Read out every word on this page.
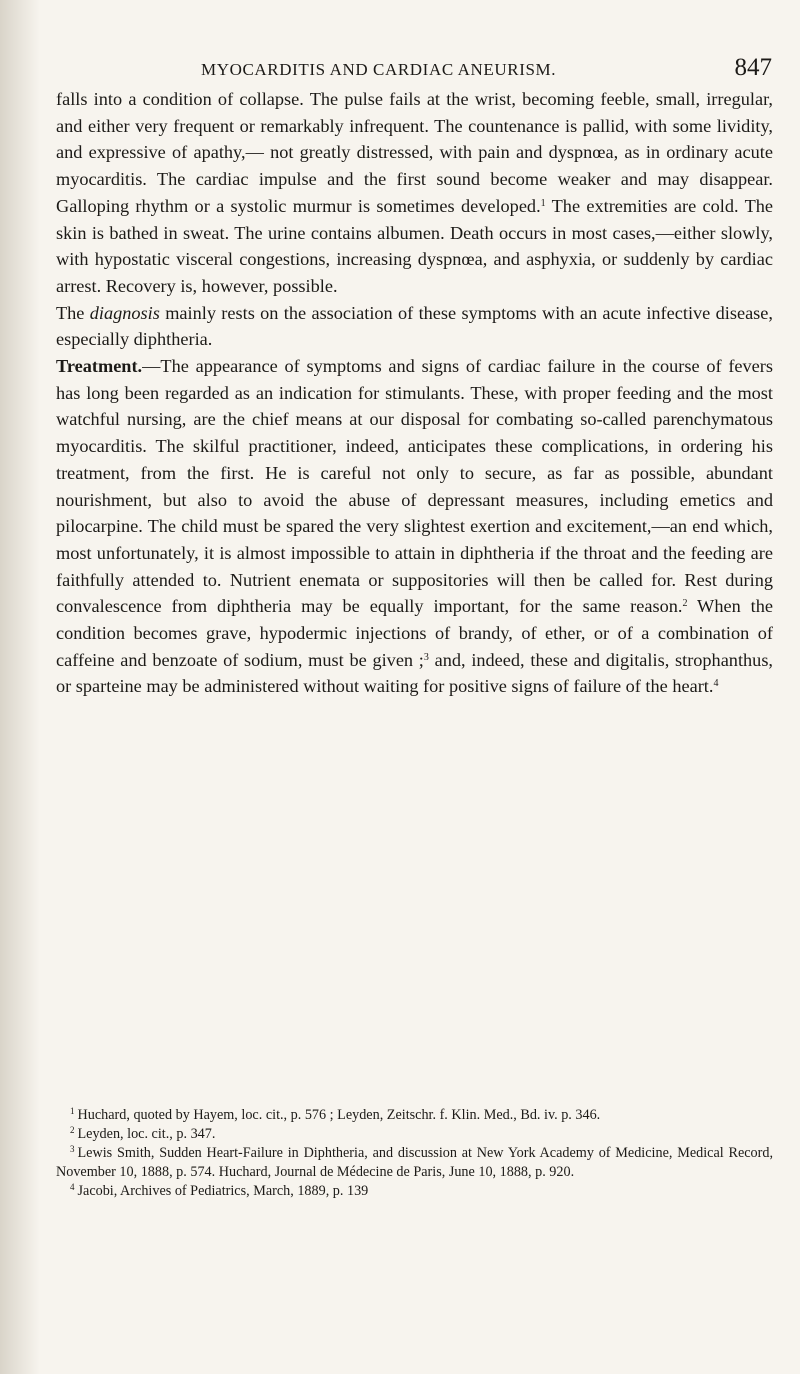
MYOCARDITIS AND CARDIAC ANEURISM.	847

falls into a condition of collapse. The pulse fails at the wrist, becoming feeble, small, irregular, and either very frequent or remarkably infrequent. The countenance is pallid, with some lividity, and expressive of apathy,— not greatly distressed, with pain and dyspnœa, as in ordinary acute myocarditis. The cardiac impulse and the first sound become weaker and may disappear. Galloping rhythm or a systolic murmur is sometimes developed.$^1$ The extremities are cold. The skin is bathed in sweat. The urine contains albumen. Death occurs in most cases,—either slowly, with hypostatic visceral congestions, increasing dyspnœa, and asphyxia, or suddenly by cardiac arrest. Recovery is, however, possible.

The diagnosis mainly rests on the association of these symptoms with an acute infective disease, especially diphtheria.

Treatment.—The appearance of symptoms and signs of cardiac failure in the course of fevers has long been regarded as an indication for stimulants. These, with proper feeding and the most watchful nursing, are the chief means at our disposal for combating so-called parenchymatous myocarditis. The skilful practitioner, indeed, anticipates these complications, in ordering his treatment, from the first. He is careful not only to secure, as far as possible, abundant nourishment, but also to avoid the abuse of depressant measures, including emetics and pilocarpine. The child must be spared the very slightest exertion and excitement,—an end which, most unfortunately, it is almost impossible to attain in diphtheria if the throat and the feeding are faithfully attended to. Nutrient enemata or suppositories will then be called for. Rest during convalescence from diphtheria may be equally important, for the same reason.$^2$ When the condition becomes grave, hypodermic injections of brandy, of ether, or of a combination of caffeine and benzoate of sodium, must be given ;$^3$ and, indeed, these and digitalis, strophanthus, or sparteine may be administered without waiting for positive signs of failure of the heart.$^4$

$^1$ Huchard, quoted by Hayem, loc. cit., p. 576 ; Leyden, Zeitschr. f. Klin. Med., Bd. iv. p. 346.

$^2$ Leyden, loc. cit., p. 347.

$^3$ Lewis Smith, Sudden Heart-Failure in Diphtheria, and discussion at New York Academy of Medicine, Medical Record, November 10, 1888, p. 574. Huchard, Journal de Médecine de Paris, June 10, 1888, p. 920.

$^4$ Jacobi, Archives of Pediatrics, March, 1889, p. 139
